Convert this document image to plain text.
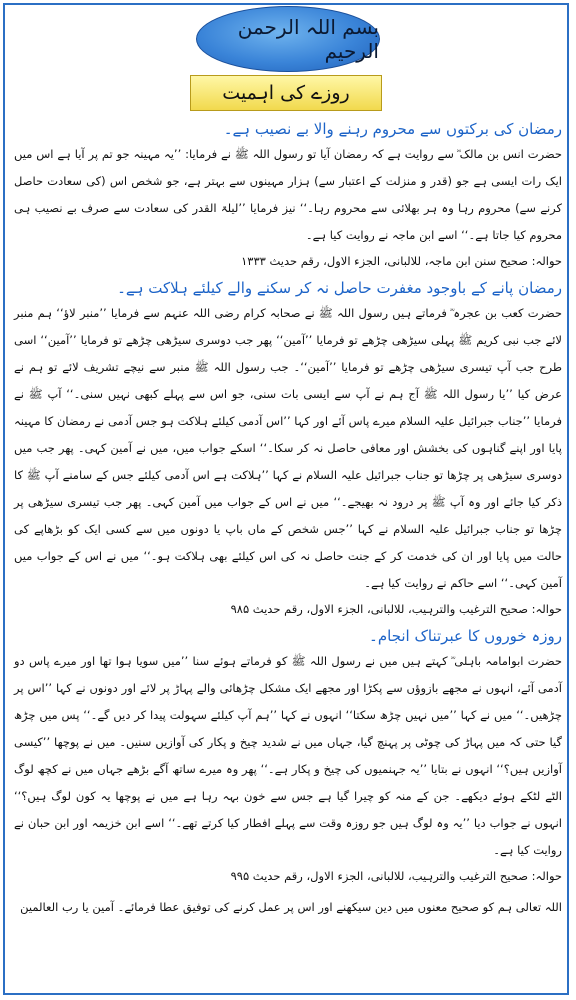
بسم اللہ الرحمن الرحیم
روزے کی اہمیت
رمضان کی برکتوں سے محروم رہنے والا بے نصیب ہے۔

حضرت انس بن مالک ؓ سے روایت ہے کہ رمضان آیا تو رسول اللہ ﷺ نے فرمایا: ’’یہ مہینہ جو تم پر آیا ہے اس میں ایک رات ایسی ہے جو (قدر و منزلت کے اعتبار سے) ہزار مہینوں سے بہتر ہے، جو شخص اس (کی سعادت حاصل کرنے سے) محروم رہا وہ ہر بھلائی سے محروم رہا۔‘‘ نیز فرمایا ’’لیلۃ القدر کی سعادت سے صرف بے نصیب ہی محروم کیا جاتا ہے۔‘‘ اسے ابن ماجہ نے روایت کیا ہے۔

حوالہ: صحیح سنن ابن ماجہ، للالبانی، الجزء الاول، رقم حدیث ۱۳۳۳

رمضان پانے کے باوجود مغفرت حاصل نہ کر سکنے والے کیلئے ہلاکت ہے۔

حضرت کعب بن عجرہ ؓ فرماتے ہیں رسول اللہ ﷺ نے صحابہ کرام رضی اللہ عنہم سے فرمایا ’’منبر لاؤ‘‘ ہم منبر لائے جب نبی کریم ﷺ پہلی سیڑھی چڑھے تو فرمایا ’’آمین‘‘ پھر جب دوسری سیڑھی چڑھے تو فرمایا ’’آمین‘‘ اسی طرح جب آپ تیسری سیڑھی چڑھے تو فرمایا ’’آمین‘‘۔ جب رسول اللہ ﷺ منبر سے نیچے تشریف لائے تو ہم نے عرض کیا ’’یا رسول اللہ ﷺ آج ہم نے آپ سے ایسی بات سنی، جو اس سے پہلے کبھی نہیں سنی۔‘‘ آپ ﷺ نے فرمایا ’’جناب جبرائیل علیہ السلام میرے پاس آئے اور کہا ’’اس آدمی کیلئے ہلاکت ہو جس آدمی نے رمضان کا مہینہ پایا اور اپنے گناہوں کی بخشش اور معافی حاصل نہ کر سکا۔‘‘ اسکے جواب میں، میں نے آمین کہی۔ پھر جب میں دوسری سیڑھی پر چڑھا تو جناب جبرائیل علیہ السلام نے کہا ’’ہلاکت ہے اس آدمی کیلئے جس کے سامنے آپ ﷺ کا ذکر کیا جائے اور وہ آپ ﷺ پر درود نہ بھیجے۔‘‘ میں نے اس کے جواب میں آمین کہی۔ پھر جب تیسری سیڑھی پر چڑھا تو جناب جبرائیل علیہ السلام نے کہا ’’جس شخص کے ماں باپ یا دونوں میں سے کسی ایک کو بڑھاپے کی حالت میں پایا اور ان کی خدمت کر کے جنت حاصل نہ کی اس کیلئے بھی ہلاکت ہو۔‘‘ میں نے اس کے جواب میں آمین کہی۔‘‘ اسے حاکم نے روایت کیا ہے۔

حوالہ: صحیح الترغیب والترہیب، للالبانی، الجزء الاول، رقم حدیث ۹۸۵

روزہ خوروں کا عبرتناک انجام۔

حضرت ابوامامہ باہلی ؓ کہتے ہیں میں نے رسول اللہ ﷺ کو فرماتے ہوئے سنا ’’میں سویا ہوا تھا اور میرے پاس دو آدمی آئے، انہوں نے مجھے بازوؤں سے پکڑا اور مجھے ایک مشکل چڑھائی والے پہاڑ پر لائے اور دونوں نے کہا ’’اس پر چڑھیں۔‘‘ میں نے کہا ’’میں نہیں چڑھ سکتا‘‘ انہوں نے کہا ’’ہم آپ کیلئے سہولت پیدا کر دیں گے۔‘‘ پس میں چڑھ گیا حتی کہ میں پہاڑ کی چوٹی پر پہنچ گیا، جہاں میں نے شدید چیخ و پکار کی آوازیں سنیں۔ میں نے پوچھا ’’کیسی آوازیں ہیں؟‘‘ انہوں نے بتایا ’’یہ جہنمیوں کی چیخ و پکار ہے۔‘‘ پھر وہ میرے ساتھ آگے بڑھے جہاں میں نے کچھ لوگ الٹے لٹکے ہوئے دیکھے۔ جن کے منہ کو چیرا گیا ہے جس سے خون بہہ رہا ہے میں نے پوچھا یہ کون لوگ ہیں؟‘‘ انہوں نے جواب دیا ’’یہ وہ لوگ ہیں جو روزہ وقت سے پہلے افطار کیا کرتے تھے۔‘‘ اسے ابن خزیمہ اور ابن حبان نے روایت کیا ہے۔

حوالہ: صحیح الترغیب والترہیب، للالبانی، الجزء الاول، رقم حدیث ۹۹۵

اللہ تعالی ہم کو صحیح معنوں میں دین سیکھنے اور اس پر عمل کرنے کی توفیق عطا فرمائے۔ آمین یا رب العالمین
